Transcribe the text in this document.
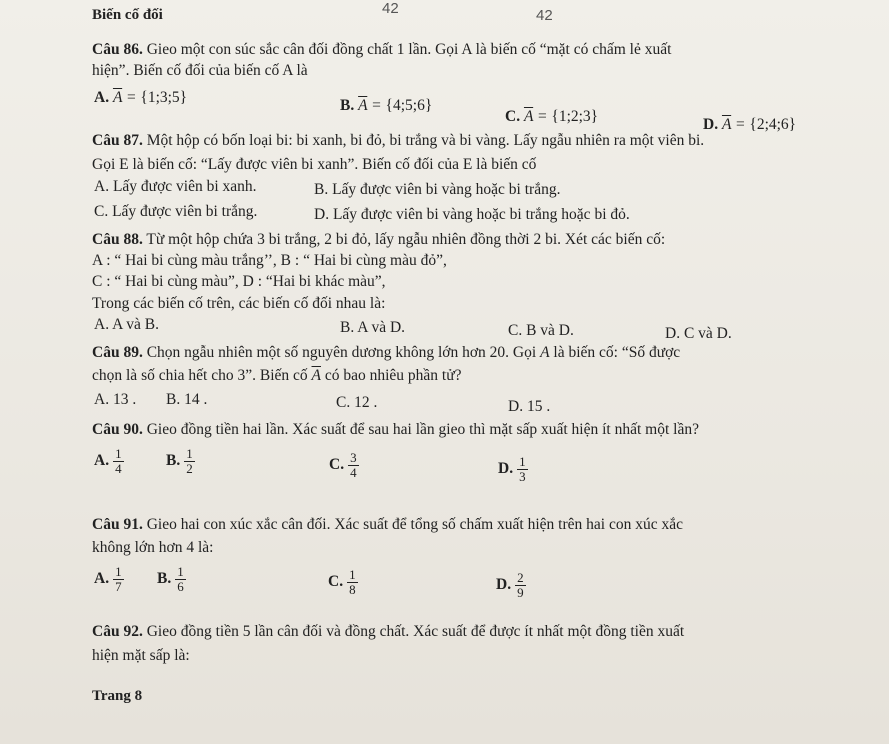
Biến cố đối	42	42
Câu 86. Gieo một con súc sắc cân đối đồng chất 1 lần. Gọi A là biến cố “mặt có chấm lẻ xuất
hiện”. Biến cố đối của biến cố A là
A. $\overline{A}$ = {1;3;5}	B. $\overline{A}$ = {4;5;6}
C. $\overline{A}$ = {1;2;3}	D. $\overline{A}$ = {2;4;6}
Câu 87. Một hộp có bốn loại bi: bi xanh, bi đỏ, bi trắng và bi vàng. Lấy ngẫu nhiên ra một viên bi.
Gọi E là biến cố: “Lấy được viên bi xanh”. Biến cố đối của E là biến cố
A. Lấy được viên bi xanh.	B. Lấy được viên bi vàng hoặc bi trắng.
C. Lấy được viên bi trắng.	D. Lấy được viên bi vàng hoặc bi trắng hoặc bi đỏ.
Câu 88. Từ một hộp chứa 3 bi trắng, 2 bi đỏ, lấy ngẫu nhiên đồng thời 2 bi. Xét các biến cố:
A : “ Hai bi cùng màu trắng’’, B : “ Hai bi cùng màu đỏ”,
C : “ Hai bi cùng màu”, D : “Hai bi khác màu”,
Trong các biến cố trên, các biến cố đối nhau là:
A. A và B.	B. A và D.	C. B và D.	D. C và D.
Câu 89. Chọn ngẫu nhiên một số nguyên dương không lớn hơn 20. Gọi A là biến cố: “Số được
chọn là số chia hết cho 3”. Biến cố $\overline{A}$ có bao nhiêu phần tử?
A. 13 . B. 14 .	C. 12 .	D. 15 .
Câu 90. Gieo đồng tiền hai lần. Xác suất để sau hai lần gieo thì mặt sấp xuất hiện ít nhất một lần?
A. $\frac{1}{4}$	B. $\frac{1}{2}$	C. $\frac{3}{4}$	D. $\frac{1}{3}$
Câu 91. Gieo hai con xúc xắc cân đối. Xác suất để tổng số chấm xuất hiện trên hai con xúc xắc
không lớn hơn 4 là:
A. $\frac{1}{7} B$. $\frac{1}{6}$	C. $\frac{1}{8}$	D. $\frac{2}{9}$
Câu 92. Gieo đồng tiền 5 lần cân đối và đồng chất. Xác suất để được ít nhất một đồng tiền xuất
hiện mặt sấp là:
Trang 8
